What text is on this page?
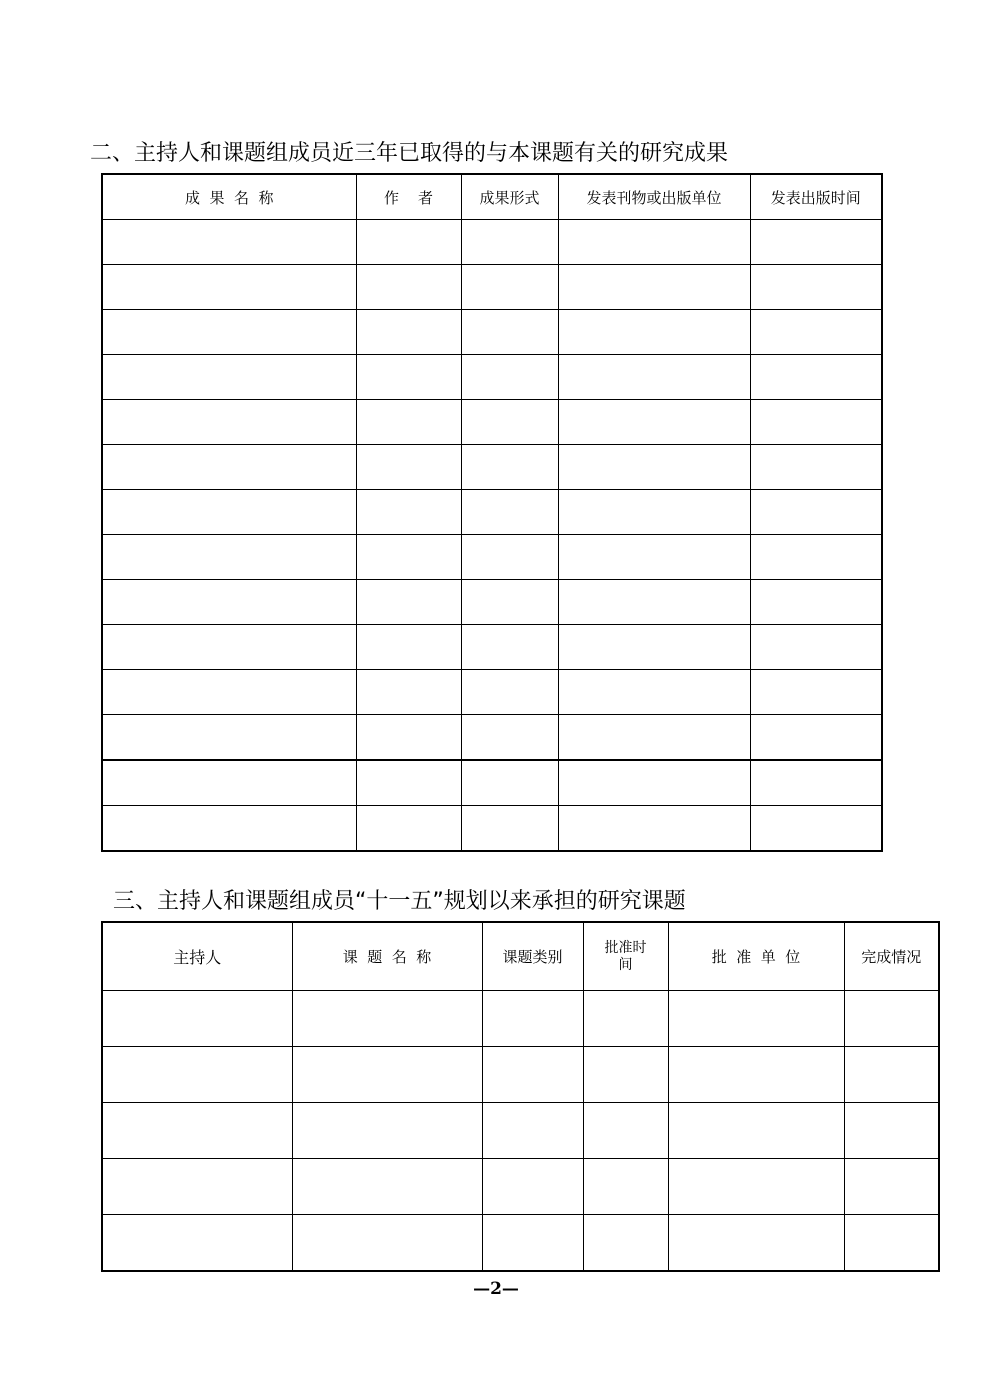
二、主持人和课题组成员近三年已取得的与本课题有关的研究成果
成  果  名  称	作    者	成果形式	发表刊物或出版单位	发表出版时间

三、主持人和课题组成员“十一五”规划以来承担的研究课题
主持人	课  题  名  称	课题类别	批准时间	批  准  单  位	完成情况

—2—
